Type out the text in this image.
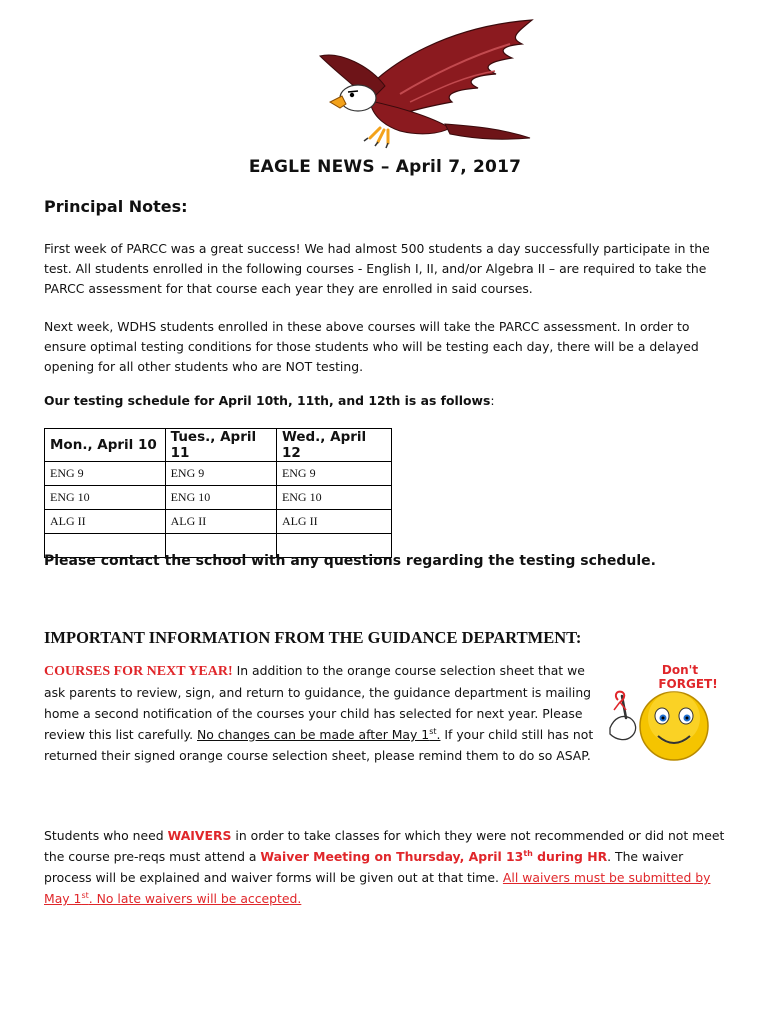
EAGLE NEWS – April 7, 2017
Principal Notes:
First week of PARCC was a great success! We had almost 500 students a day successfully participate in the test. All students enrolled in the following courses - English I, II, and/or Algebra II – are required to take the PARCC assessment for that course each year they are enrolled in said courses.
Next week, WDHS students enrolled in these above courses will take the PARCC assessment. In order to ensure optimal testing conditions for those students who will be testing each day, there will be a delayed opening for all other students who are NOT testing.
Our testing schedule for April 10th, 11th, and 12th is as follows:
Mon., April 10	Tues., April 11	Wed., April 12
ENG 9	ENG 9	ENG 9
ENG 10	ENG 10	ENG 10
ALG II	ALG II	ALG II

Please contact the school with any questions regarding the testing schedule.
IMPORTANT INFORMATION FROM THE GUIDANCE DEPARTMENT:
COURSES FOR NEXT YEAR! In addition to the orange course selection sheet that we ask parents to review, sign, and return to guidance, the guidance department is mailing home a second notification of the courses your child has selected for next year. Please review this list carefully. No changes can be made after May 1st. If your child still has not returned their signed orange course selection sheet, please remind them to do so ASAP.
Don't
FORGET!
Students who need WAIVERS in order to take classes for which they were not recommended or did not meet the course pre-reqs must attend a Waiver Meeting on Thursday, April 13th during HR. The waiver process will be explained and waiver forms will be given out at that time. All waivers must be submitted by May 1st. No late waivers will be accepted.
